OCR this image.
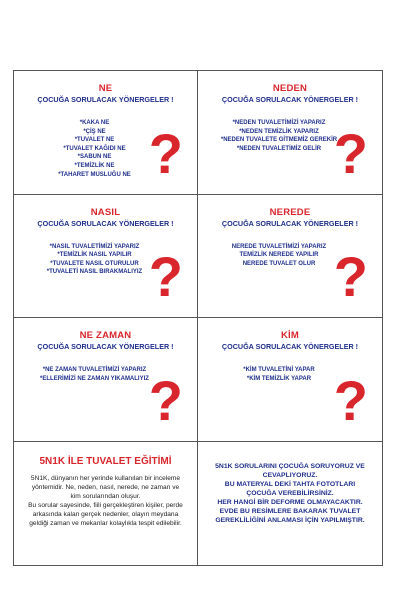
NE
ÇOCUĞA SORULACAK YÖNERGELER !
*KAKA NE
*ÇİŞ NE
*TUVALET NE
*TUVALET KAĞIDI NE
*SABUN NE
*TEMİZLİK NE
*TAHARET MUSLUĞU NE ?
NEDEN
ÇOCUĞA SORULACAK YÖNERGELER !
*NEDEN TUVALETİMİZİ YAPARIZ
*NEDEN TEMİZLİK YAPARIZ
*NEDEN TUVALETE GİTMEMİZ GEREKİR
*NEDEN TUVALETİMİZ GELİR ?
NASIL
ÇOCUĞA SORULACAK YÖNERGELER !
*NASIL TUVALETİMİZİ YAPARIZ
*TEMİZLİK NASIL YAPILIR
*TUVALETE NASIL OTURULUR
*TUVALETİ NASIL BIRAKMALIYIZ ?
NEREDE
ÇOCUĞA SORULACAK YÖNERGELER !
NEREDE TUVALETİMİZİ YAPARIZ
TEMİZLİK NEREDE YAPILIR
NEREDE TUVALET OLUR ?
NE ZAMAN
ÇOCUĞA SORULACAK YÖNERGELER !
*NE ZAMAN TUVALETİMİZİ YAPARIZ
*ELLERİMİZİ NE ZAMAN YIKAMALIYIZ ?
KİM
ÇOCUĞA SORULACAK YÖNERGELER !
*KİM TUVALETİNİ YAPAR
*KİM TEMİZLİK YAPAR ?
5N1K İLE TUVALET EĞİTİMİ

5N1K, dünyanın her yerinde kullanılan bir inceleme yöntemidir. Ne, neden, nasıl, nerede, ne zaman ve kim sorularından oluşur.

Bu sorular sayesinde, fiili gerçekleştiren kişiler, perde arkasında kalan gerçek nedenler, olayın meydana geldiği zaman ve mekanlar kolaylıkla tespit edilebilir.

5N1K SORULARINI ÇOCUĞA SORUYORUZ VE CEVAPLIYORUZ.
BU MATERYAL DEKİ TAHTA FOTOTLARI ÇOCUĞA VEREBİLİRSİNİZ.
HER HANGİ BİR DEFORME OLMAYACAKTIR.
EVDE BU RESİMLERE BAKARAK TUVALET GEREKLİLİĞİNİ ANLAMASI İÇİN YAPILMIŞTIR.
